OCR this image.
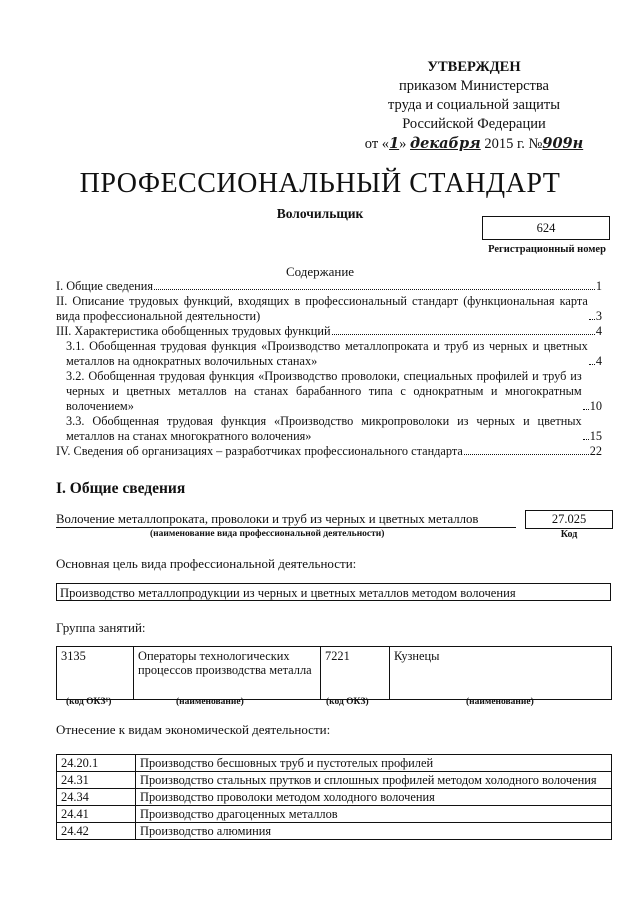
УТВЕРЖДЕН
приказом Министерства
труда и социальной защиты
Российской Федерации
от «1» декабря 2015 г. №909н
ПРОФЕССИОНАЛЬНЫЙ СТАНДАРТ
Волочильщик
624
Регистрационный номер
Содержание
I. Общие сведения	1
II. Описание трудовых функций, входящих в профессиональный стандарт (функциональная карта вида профессиональной деятельности)	3
III. Характеристика обобщенных трудовых функций	4
3.1. Обобщенная трудовая функция «Производство металлопроката и труб из черных и цветных металлов на однократных волочильных станах»	4
3.2. Обобщенная трудовая функция «Производство проволоки, специальных профилей и труб из черных и цветных металлов на станах барабанного типа с однократным и многократным волочением»	10
3.3. Обобщенная трудовая функция «Производство микропроволоки из черных и цветных металлов на станах многократного волочения»	15
IV. Сведения об организациях – разработчиках профессионального стандарта	22
I. Общие сведения
Волочение металлопроката, проволоки и труб из черных и цветных металлов
(наименование вида профессиональной деятельности)
27.025
Код
Основная цель вида профессиональной деятельности:
Производство металлопродукции из черных и цветных металлов методом волочения
Группа занятий:
3135	Операторы технологических процессов производства металла	7221	Кузнецы
(код ОКЗ¹)	(наименование)	(код ОКЗ)	(наименование)
Отнесение к видам экономической деятельности:
24.20.1	Производство бесшовных труб и пустотелых профилей
24.31	Производство стальных прутков и сплошных профилей методом холодного волочения
24.34	Производство проволоки методом холодного волочения
24.41	Производство драгоценных металлов
24.42	Производство алюминия
